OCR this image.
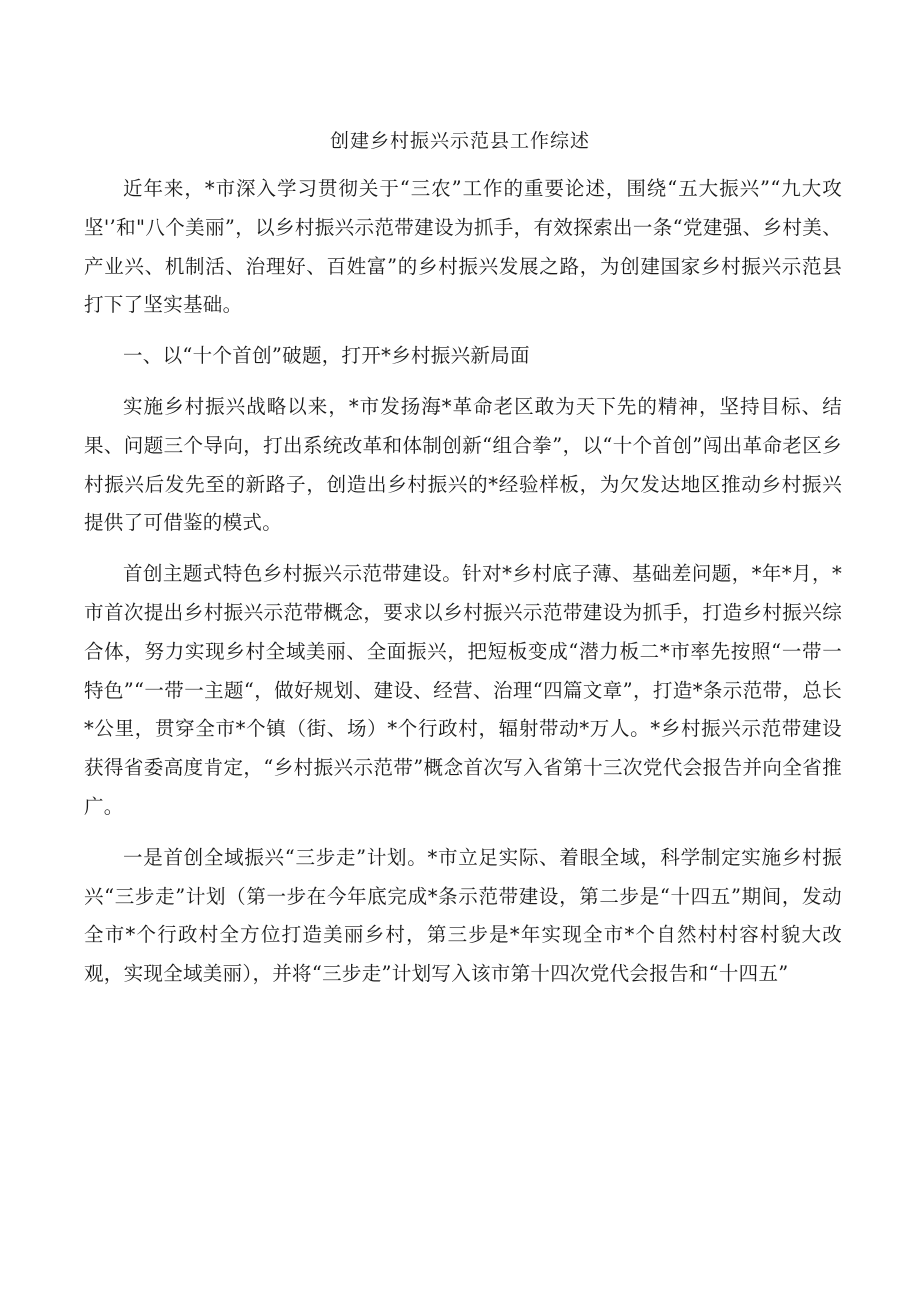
创建乡村振兴示范县工作综述

近年来，*市深入学习贯彻关于“三农”工作的重要论述，围绕“五大振兴”“九大攻坚'’和"八个美丽”，以乡村振兴示范带建设为抓手，有效探索出一条“党建强、乡村美、产业兴、机制活、治理好、百姓富”的乡村振兴发展之路，为创建国家乡村振兴示范县打下了坚实基础。

一、以“十个首创”破题，打开*乡村振兴新局面

实施乡村振兴战略以来，*市发扬海*革命老区敢为天下先的精神，坚持目标、结果、问题三个导向，打出系统改革和体制创新“组合拳”，以“十个首创”闯出革命老区乡村振兴后发先至的新路子，创造出乡村振兴的*经验样板，为欠发达地区推动乡村振兴提供了可借鉴的模式。

首创主题式特色乡村振兴示范带建设。针对*乡村底子薄、基础差问题，*年*月，*市首次提出乡村振兴示范带概念，要求以乡村振兴示范带建设为抓手，打造乡村振兴综合体，努力实现乡村全域美丽、全面振兴，把短板变成“潜力板二*市率先按照“一带一特色”“一带一主题“，做好规划、建设、经营、治理“四篇文章”，打造*条示范带，总长*公里，贯穿全市*个镇（街、场）*个行政村，辐射带动*万人。*乡村振兴示范带建设获得省委高度肯定，“乡村振兴示范带”概念首次写入省第十三次党代会报告并向全省推广。

一是首创全域振兴“三步走”计划。*市立足实际、着眼全域，科学制定实施乡村振兴“三步走”计划（第一步在今年底完成*条示范带建设，第二步是“十四五”期间，发动全市*个行政村全方位打造美丽乡村，第三步是*年实现全市*个自然村村容村貌大改观，实现全域美丽），并将“三步走”计划写入该市第十四次党代会报告和“十四五”
